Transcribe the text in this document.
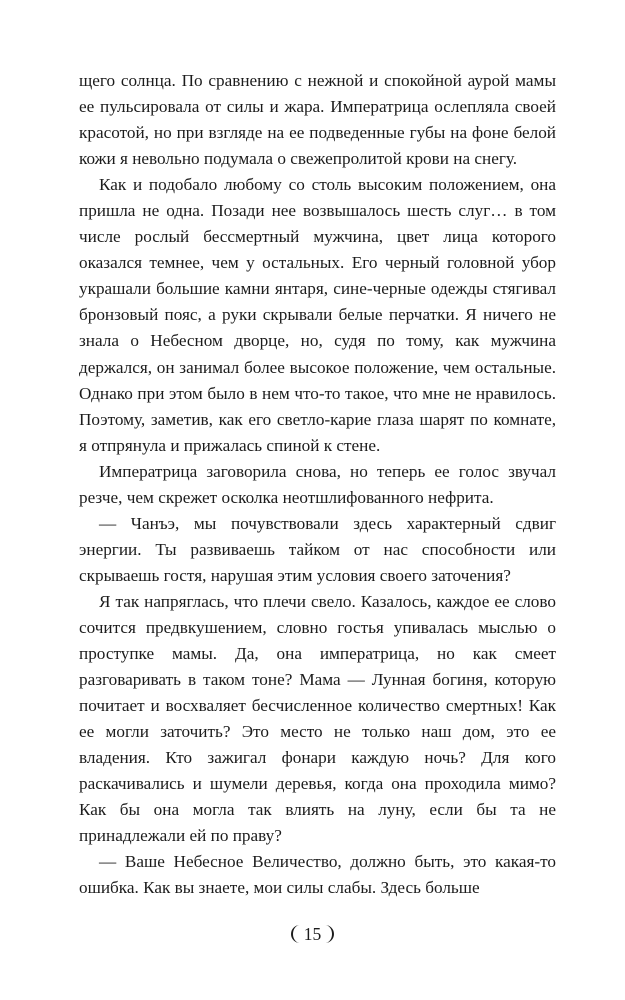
щего солнца. По сравнению с нежной и спокойной аурой мамы ее пульсировала от силы и жара. Императрица ослепляла своей красотой, но при взгляде на ее подведенные губы на фоне белой кожи я невольно подумала о свежепролитой крови на снегу.

Как и подобало любому со столь высоким положением, она пришла не одна. Позади нее возвышалось шесть слуг… в том числе рослый бессмертный мужчина, цвет лица которого оказался темнее, чем у остальных. Его черный головной убор украшали большие камни янтаря, сине-черные одежды стягивал бронзовый пояс, а руки скрывали белые перчатки. Я ничего не знала о Небесном дворце, но, судя по тому, как мужчина держался, он занимал более высокое положение, чем остальные. Однако при этом было в нем что-то такое, что мне не нравилось. Поэтому, заметив, как его светло-карие глаза шарят по комнате, я отпрянула и прижалась спиной к стене.

Императрица заговорила снова, но теперь ее голос звучал резче, чем скрежет осколка неотшлифованного нефрита.

— Чанъэ, мы почувствовали здесь характерный сдвиг энергии. Ты развиваешь тайком от нас способности или скрываешь гостя, нарушая этим условия своего заточения?

Я так напряглась, что плечи свело. Казалось, каждое ее слово сочится предвкушением, словно гостья упивалась мыслью о проступке мамы. Да, она императрица, но как смеет разговаривать в таком тоне? Мама — Лунная богиня, которую почитает и восхваляет бесчисленное количество смертных! Как ее могли заточить? Это место не только наш дом, это ее владения. Кто зажигал фонари каждую ночь? Для кого раскачивались и шумели деревья, когда она проходила мимо? Как бы она могла так влиять на луну, если бы та не принадлежали ей по праву?

— Ваше Небесное Величество, должно быть, это какая-то ошибка. Как вы знаете, мои силы слабы. Здесь больше

15
